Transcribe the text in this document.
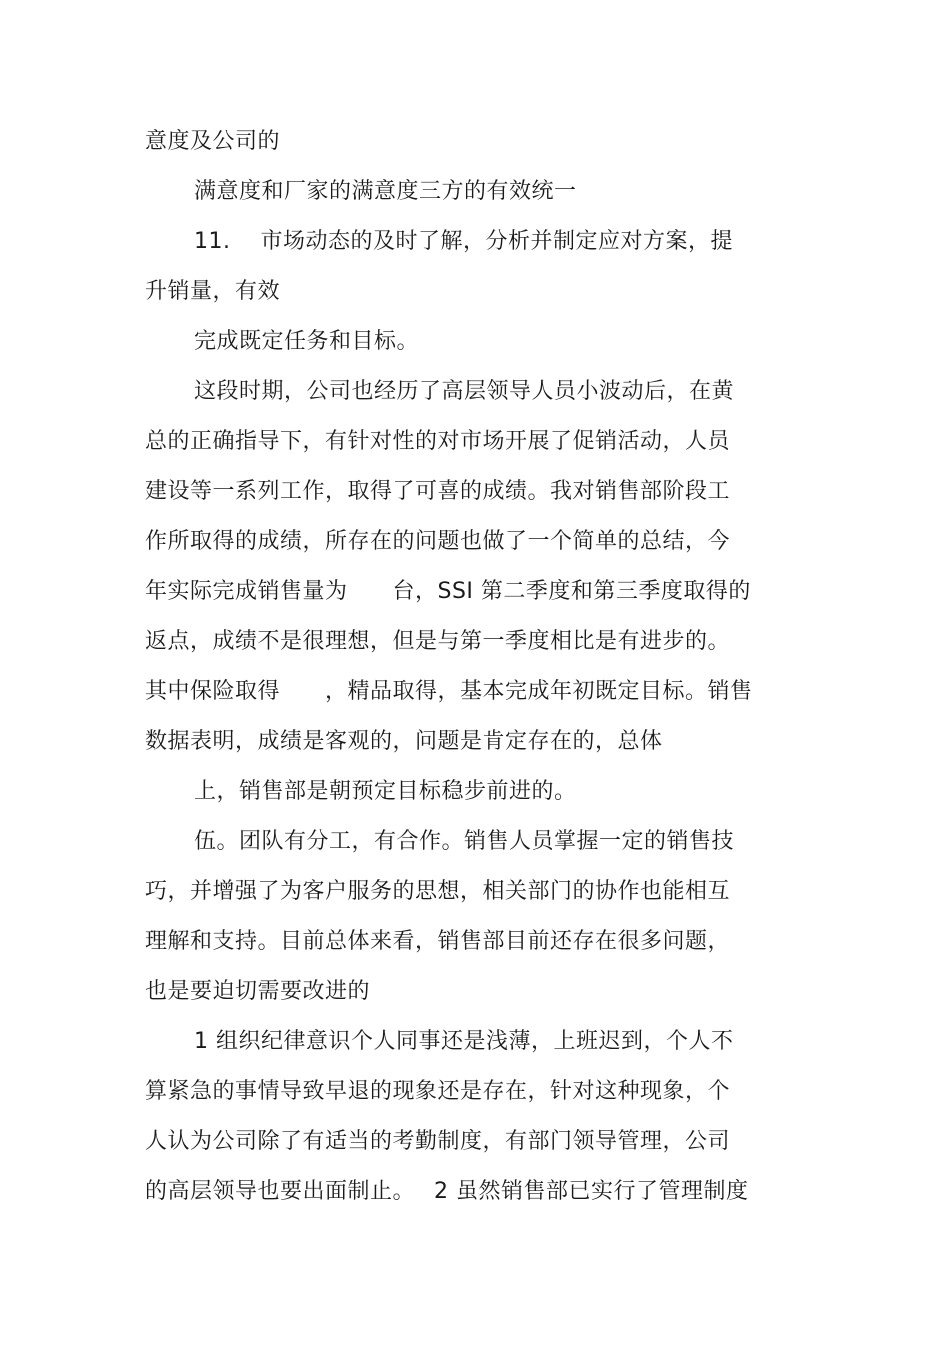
意度及公司的
满意度和厂家的满意度三方的有效统一
11.　 市场动态的及时了解，分析并制定应对方案，提
升销量，有效
完成既定任务和目标。
这段时期，公司也经历了高层领导人员小波动后，在黄
总的正确指导下，有针对性的对市场开展了促销活动，人员
建设等一系列工作，取得了可喜的成绩。我对销售部阶段工
作所取得的成绩，所存在的问题也做了一个简单的总结，今
年实际完成销售量为　　台，SSI 第二季度和第三季度取得的
返点，成绩不是很理想，但是与第一季度相比是有进步的。
其中保险取得　　，精品取得，基本完成年初既定目标。销售
数据表明，成绩是客观的，问题是肯定存在的，总体
上，销售部是朝预定目标稳步前进的。
伍。团队有分工，有合作。销售人员掌握一定的销售技
巧，并增强了为客户服务的思想，相关部门的协作也能相互
理解和支持。目前总体来看，销售部目前还存在很多问题，
也是要迫切需要改进的
1 组织纪律意识个人同事还是浅薄，上班迟到，个人不
算紧急的事情导致早退的现象还是存在，针对这种现象，个
人认为公司除了有适当的考勤制度，有部门领导管理，公司
的高层领导也要出面制止。　 2 虽然销售部已实行了管理制度
